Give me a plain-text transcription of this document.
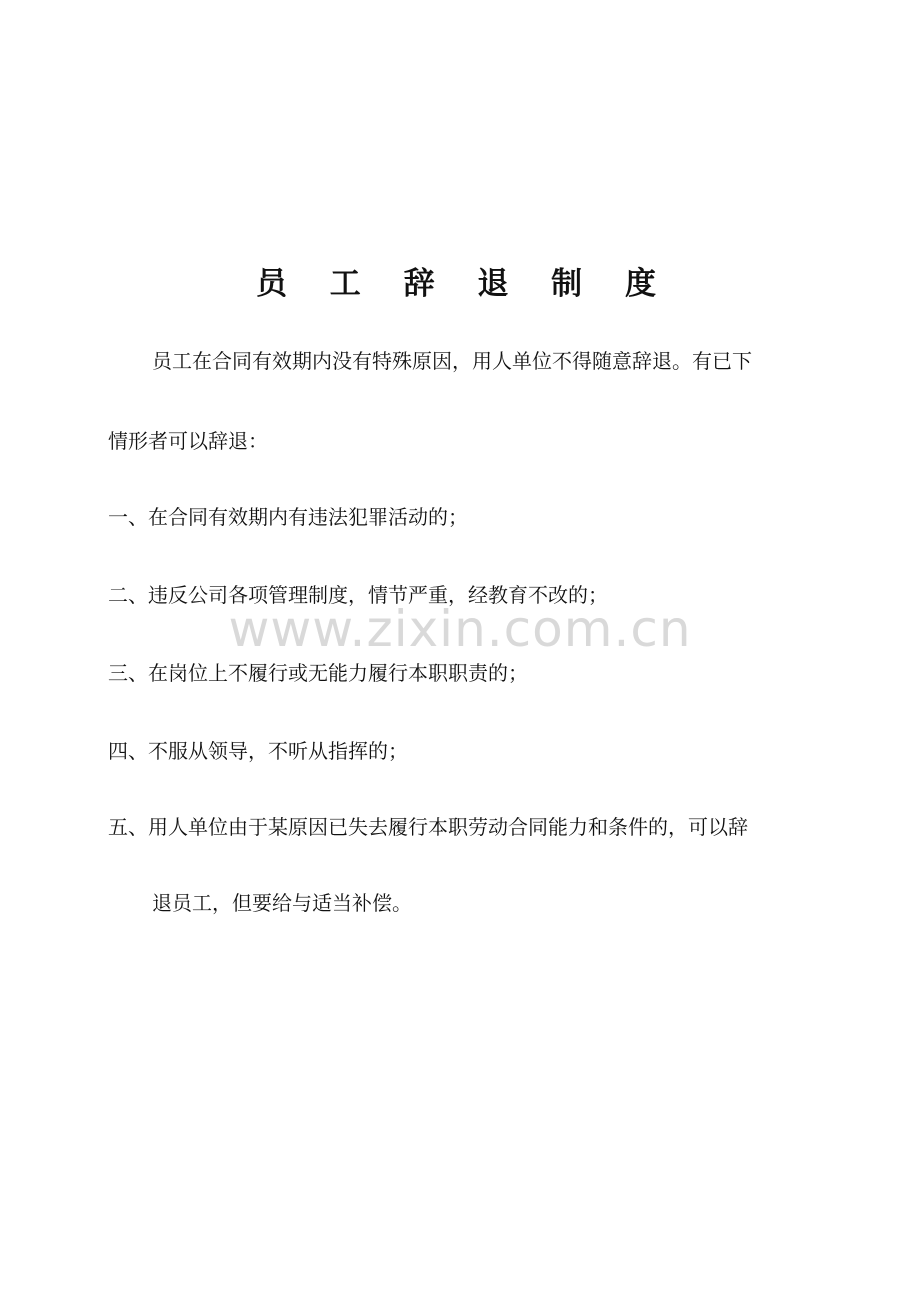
www.zixin.com.cn
员 工 辞 退 制 度
员工在合同有效期内没有特殊原因，用人单位不得随意辞退。有已下
情形者可以辞退：
一、在合同有效期内有违法犯罪活动的；
二、违反公司各项管理制度，情节严重，经教育不改的；
三、在岗位上不履行或无能力履行本职职责的；
四、不服从领导，不听从指挥的；
五、用人单位由于某原因已失去履行本职劳动合同能力和条件的，可以辞
退员工，但要给与适当补偿。
